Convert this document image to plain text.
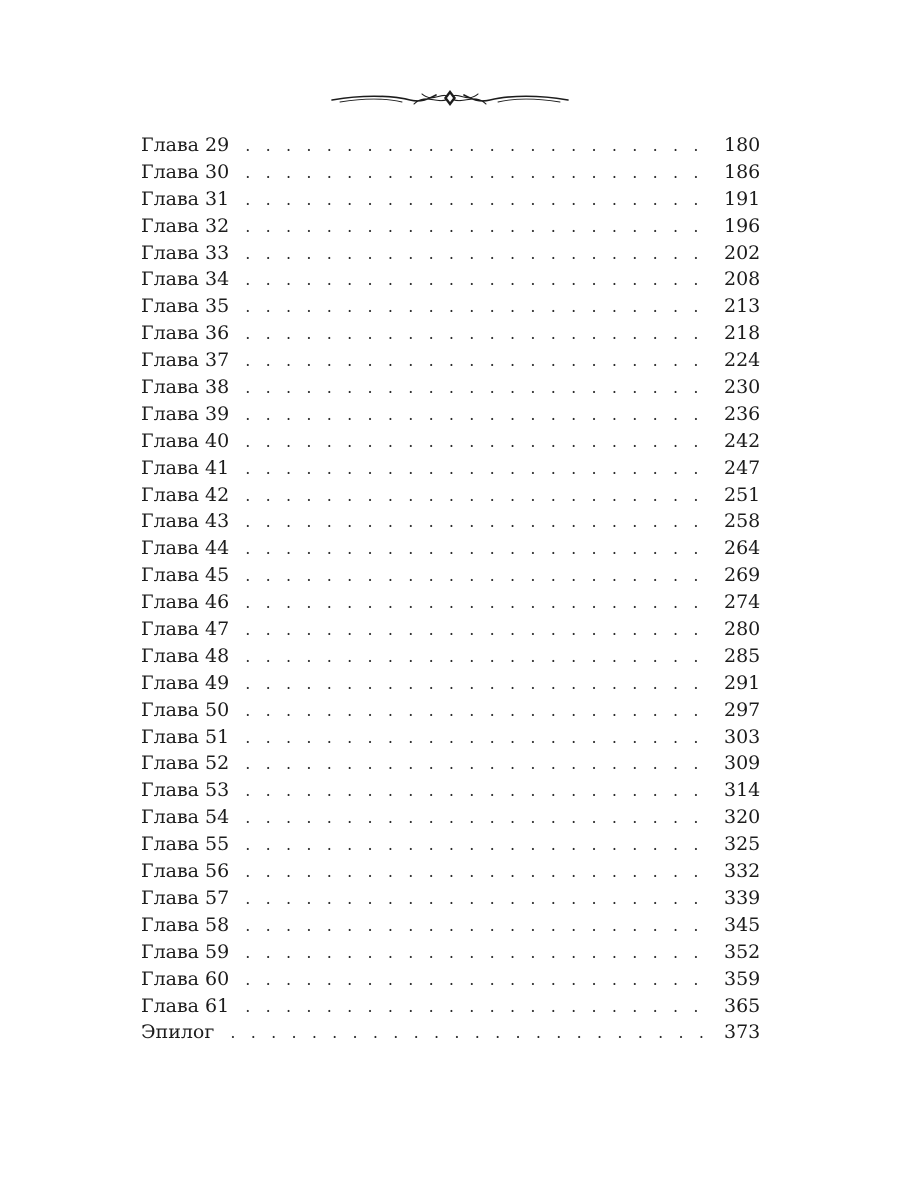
Глава 29 . . .	180
Глава 30 . . .	186
Глава 31 . . .	191
Глава 32 . . .	196
Глава 33 . . .	202
Глава 34 . . .	208
Глава 35 . . .	213
Глава 36 . . .	218
Глава 37 . . .	224
Глава 38 . . .	230
Глава 39 . . .	236
Глава 40 . . .	242
Глава 41 . . .	247
Глава 42 . . .	251
Глава 43 . . .	258
Глава 44 . . .	264
Глава 45 . . .	269
Глава 46 . . .	274
Глава 47 . . .	280
Глава 48 . . .	285
Глава 49 . . .	291
Глава 50 . . .	297
Глава 51 . . .	303
Глава 52 . . .	309
Глава 53 . . .	314
Глава 54 . . .	320
Глава 55 . . .	325
Глава 56 . . .	332
Глава 57 . . .	339
Глава 58 . . .	345
Глава 59 . . .	352
Глава 60 . . .	359
Глава 61 . . .	365
Эпилог . . .	373
